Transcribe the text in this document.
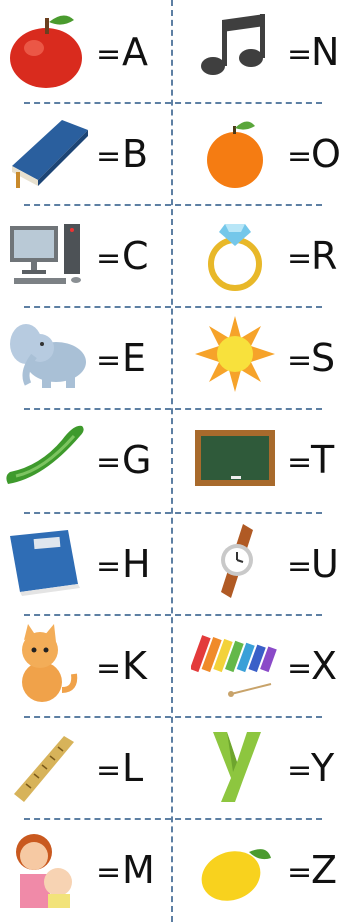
= A
= B
= C
= E
= G
= H
= K
= L
= M
=
N
=
O
=
R
=
S
=
T
=
U
=
X
=
Y
=
Z
